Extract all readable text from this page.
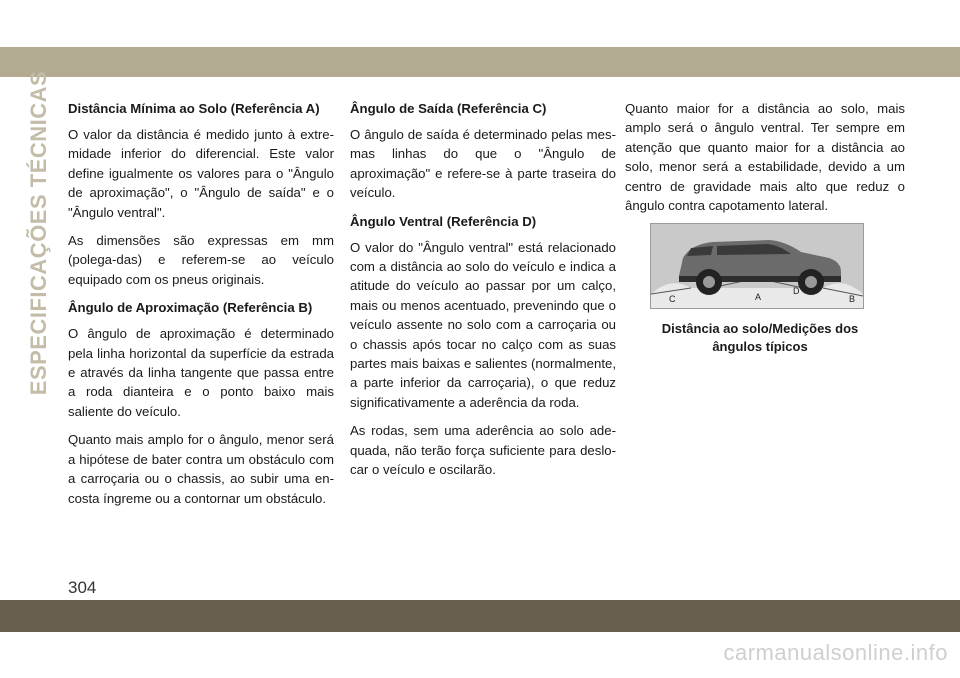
ESPECIFICAÇÕES TÉCNICAS Distância Mínima ao Solo (Referência A)

O valor da distância é medido junto à extre-midade inferior do diferencial. Este valor define igualmente os valores para o "Ângulo de aproximação", o "Ângulo de saída" e o "Ângulo ventral".

As dimensões são expressas em mm (polega-das) e referem-se ao veículo equipado com os pneus originais.

Ângulo de Aproximação (Referência B)

O ângulo de aproximação é determinado pela linha horizontal da superfície da estrada e através da linha tangente que passa entre a roda dianteira e o ponto baixo mais saliente do veículo.

Quanto mais amplo for o ângulo, menor será a hipótese de bater contra um obstáculo com a carroçaria ou o chassis, ao subir uma en-costa íngreme ou a contornar um obstáculo.

Ângulo de Saída (Referência C)

O ângulo de saída é determinado pelas mes-mas linhas do que o "Ângulo de aproximação" e refere-se à parte traseira do veículo.

Ângulo Ventral (Referência D)

O valor do "Ângulo ventral" está relacionado com a distância ao solo do veículo e indica a atitude do veículo ao passar por um calço, mais ou menos acentuado, prevenindo que o veículo assente no solo com a carroçaria ou o chassis após tocar no calço com as suas partes mais baixas e salientes (normalmente, a parte inferior da carroçaria), o que reduz significativamente a aderência da roda.

As rodas, sem uma aderência ao solo ade-quada, não terão força suficiente para deslo-car o veículo e oscilarão.

Quanto maior for a distância ao solo, mais amplo será o ângulo ventral. Ter sempre em atenção que quanto maior for a distância ao solo, menor será a estabilidade, devido a um centro de gravidade mais alto que reduz o ângulo contra capotamento lateral.

C	A
D
B
Distância ao solo/Medições dos ângulos típicos
304
carmanualsonline.info
